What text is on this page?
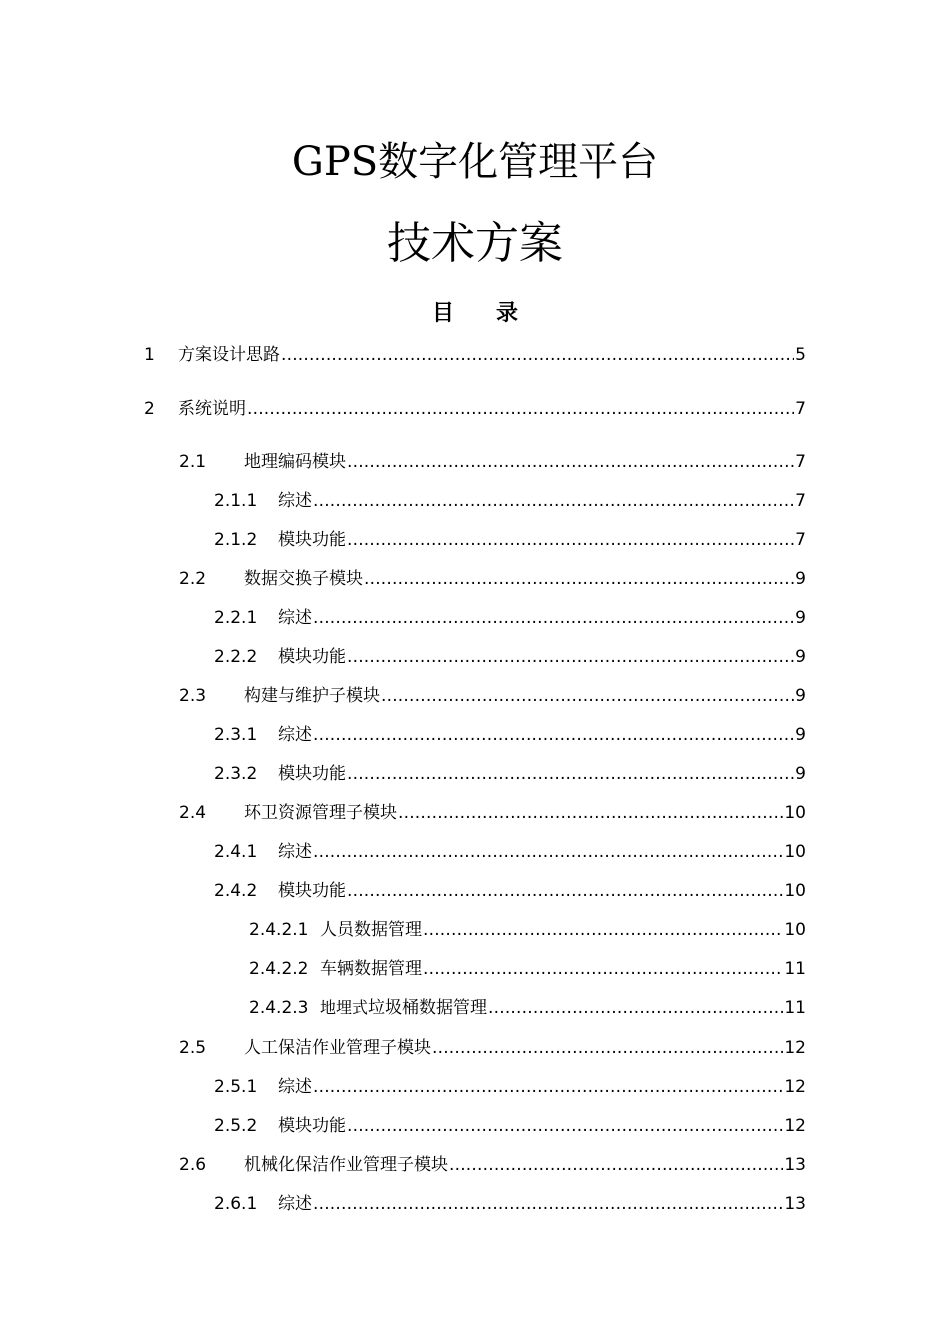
GPS数字化管理平台
技术方案
目 录
1	方案设计思路 .....	5
2	系统说明 .....	7
2.1	地理编码模块 .....	7
2.1.1	综述 .....	7
2.1.2	模块功能 .....	7
2.2	数据交换子模块 .....	9
2.2.1	综述 .....	9
2.2.2	模块功能 .....	9
2.3	构建与维护子模块 .....	9
2.3.1	综述 .....	9
2.3.2	模块功能 .....	9
2.4	环卫资源管理子模块 .....	10
2.4.1	综述 .....	10
2.4.2	模块功能 .....	10
2.4.2.1 人员数据管理 .....	10
2.4.2.2 车辆数据管理 .....	11
2.4.2.3 地埋式垃圾桶数据管理 .....	11
2.5	人工保洁作业管理子模块 .....	12
2.5.1	综述 .....	12
2.5.2	模块功能 .....	12
2.6	机械化保洁作业管理子模块 .....	13
2.6.1	综述 .....	13
